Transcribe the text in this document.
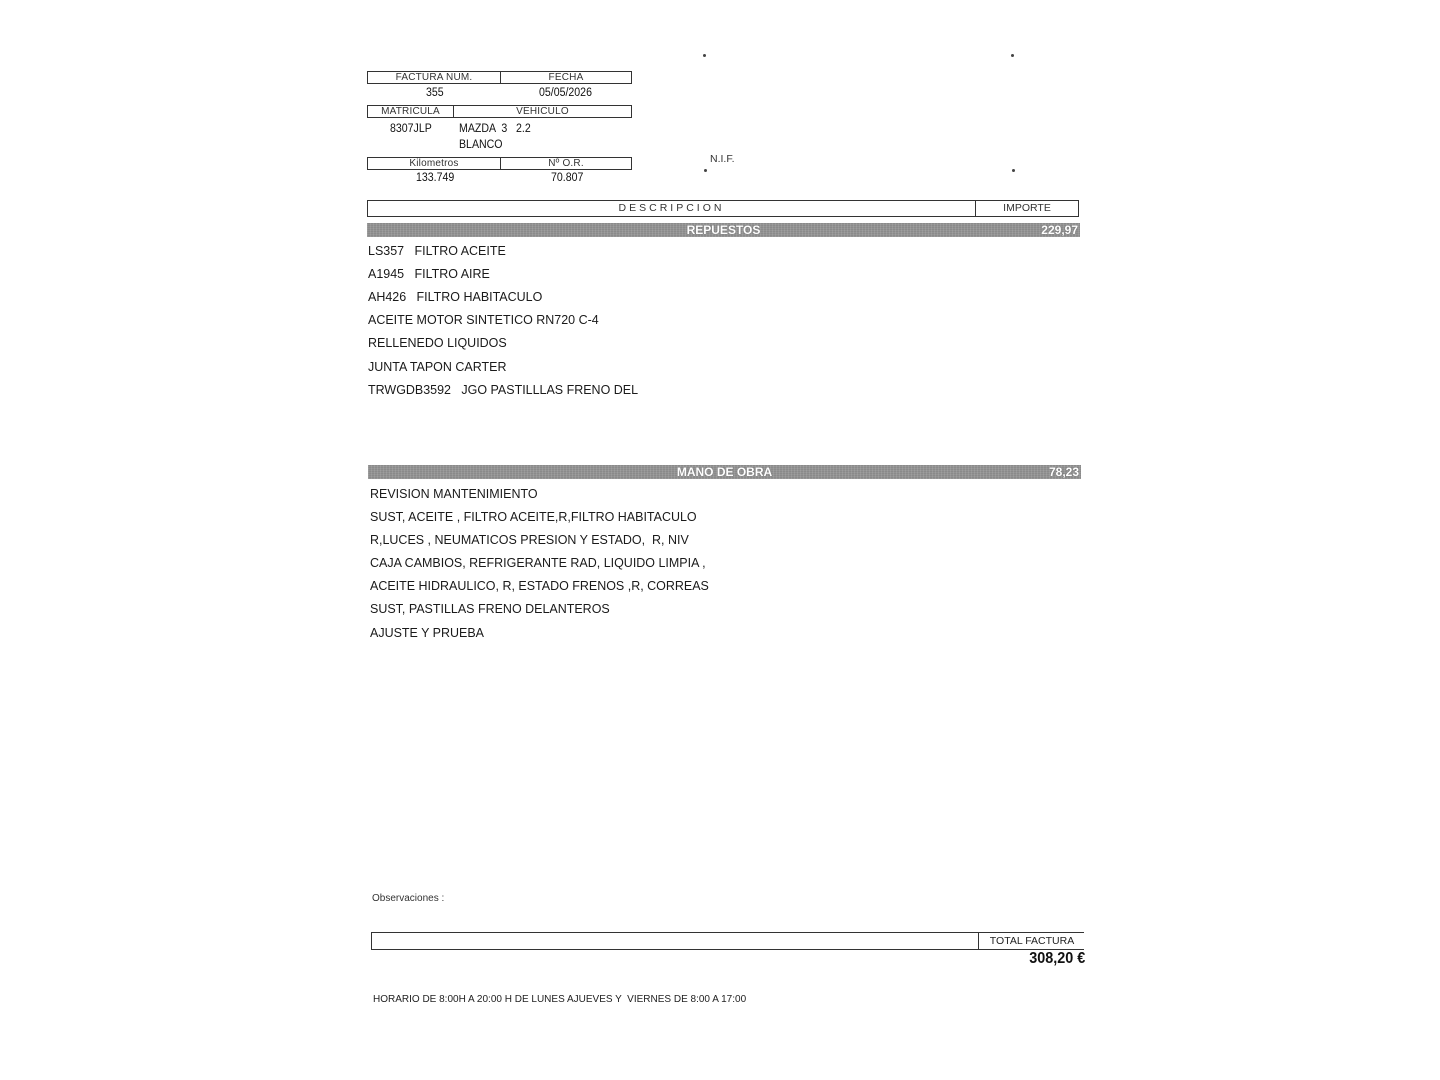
FACTURA NUM.	FECHA
355	05/05/2026
MATRICULA	VEHICULO
8307JLP MAZDA  3   2.2
BLANCO
Kilometros	Nº O.R.
133.749	70.807
N.I.F.
DESCRIPCION	IMPORTE
REPUESTOS	229,97
LS357   FILTRO ACEITE
A1945   FILTRO AIRE
AH426   FILTRO HABITACULO
ACEITE MOTOR SINTETICO RN720 C-4
RELLENEDO LIQUIDOS
JUNTA TAPON CARTER
TRWGDB3592   JGO PASTILLLAS FRENO DEL
MANO DE OBRA	78,23
REVISION MANTENIMIENTO
SUST, ACEITE , FILTRO ACEITE,R,FILTRO HABITACULO
R,LUCES , NEUMATICOS PRESION Y ESTADO,  R, NIV
CAJA CAMBIOS, REFRIGERANTE RAD, LIQUIDO LIMPIA ,
ACEITE HIDRAULICO, R, ESTADO FRENOS ,R, CORREAS
SUST, PASTILLAS FRENO DELANTEROS
AJUSTE Y PRUEBA
Observaciones :
TOTAL FACTURA
308,20 €
HORARIO DE 8:00H A 20:00 H DE LUNES AJUEVES Y  VIERNES DE 8:00 A 17:00
